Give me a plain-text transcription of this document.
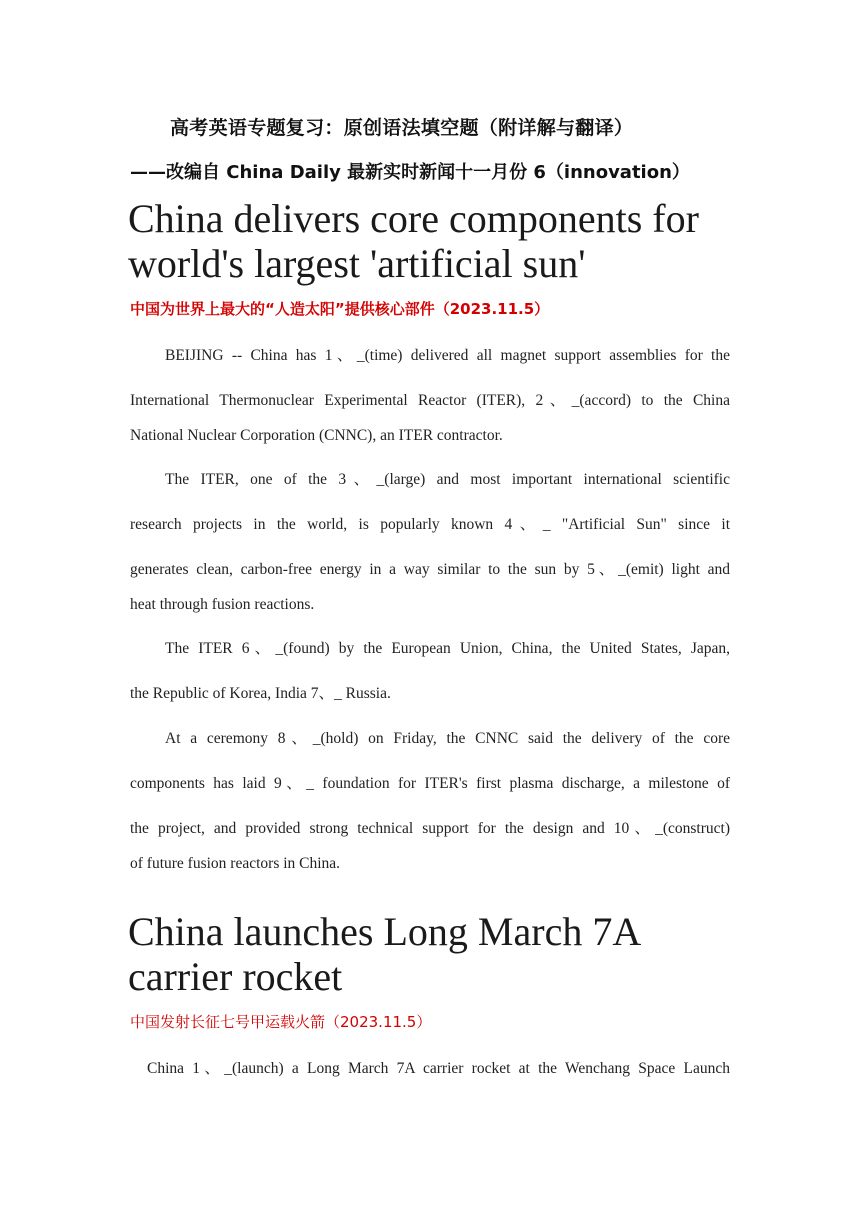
高考英语专题复习：原创语法填空题（附详解与翻译）
——改编自 China Daily 最新实时新闻十一月份 6（innovation）
China delivers core components for
world's largest 'artificial sun'
中国为世界上最大的“人造太阳”提供核心部件（2023.11.5）
BEIJING -- China has 1、_(time) delivered all magnet support assemblies for the
International Thermonuclear Experimental Reactor (ITER), 2、_(accord) to the China
National Nuclear Corporation (CNNC), an ITER contractor.
The ITER, one of the 3、_(large) and most important international scientific
research projects in the world, is popularly known 4、_ "Artificial Sun" since it
generates clean, carbon-free energy in a way similar to the sun by 5、_(emit) light and
heat through fusion reactions.
The ITER 6、_(found) by the European Union, China, the United States, Japan,
the Republic of Korea, India 7、_ Russia.
At a ceremony 8、_(hold) on Friday, the CNNC said the delivery of the core
components has laid 9、_ foundation for ITER's first plasma discharge, a milestone of
the project, and provided strong technical support for the design and 10、_(construct)
of future fusion reactors in China.
China launches Long March 7A
carrier rocket
中国发射长征七号甲运载火箭（2023.11.5）
China 1、_(launch) a Long March 7A carrier rocket at the Wenchang Space Launch
